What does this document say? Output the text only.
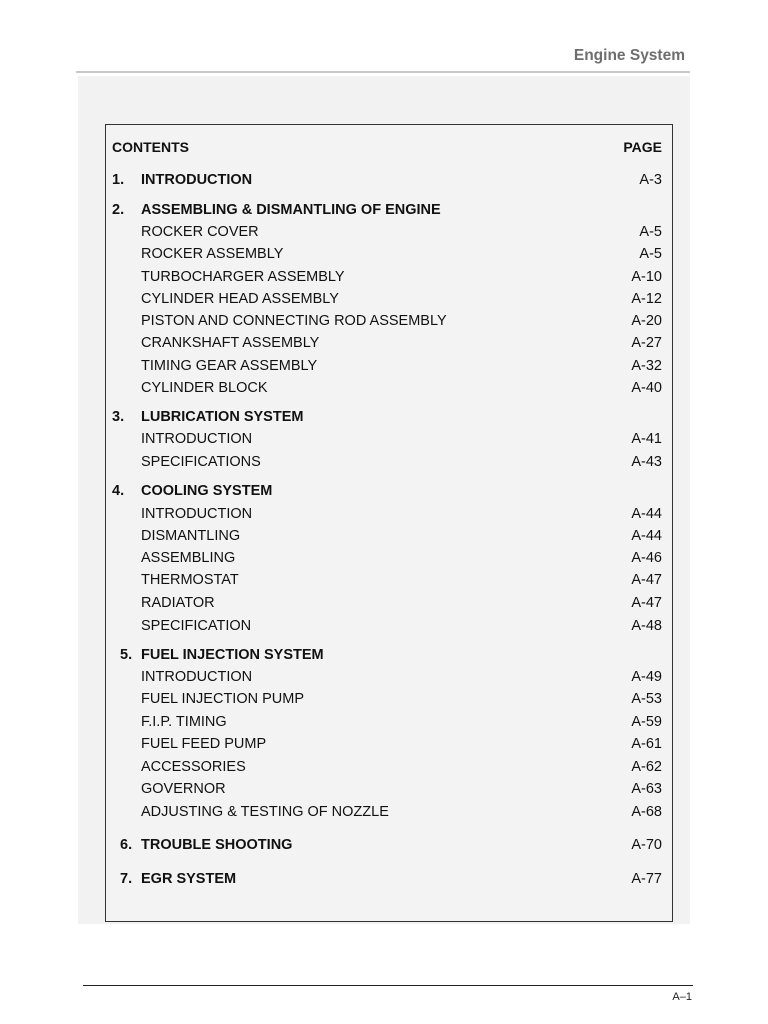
Engine System
CONTENTS	PAGE
1. INTRODUCTION	A-3
2. ASSEMBLING & DISMANTLING OF ENGINE
ROCKER COVER	A-5
ROCKER ASSEMBLY	A-5
TURBOCHARGER ASSEMBLY	A-10
CYLINDER HEAD ASSEMBLY	A-12
PISTON AND CONNECTING ROD ASSEMBLY	A-20
CRANKSHAFT ASSEMBLY	A-27
TIMING GEAR ASSEMBLY	A-32
CYLINDER BLOCK	A-40
3. LUBRICATION SYSTEM
INTRODUCTION	A-41
SPECIFICATIONS	A-43
4. COOLING SYSTEM
INTRODUCTION	A-44
DISMANTLING	A-44
ASSEMBLING	A-46
THERMOSTAT	A-47
RADIATOR	A-47
SPECIFICATION	A-48
5. FUEL INJECTION SYSTEM
INTRODUCTION	A-49
FUEL INJECTION PUMP	A-53
F.I.P. TIMING	A-59
FUEL FEED PUMP	A-61
ACCESSORIES	A-62
GOVERNOR	A-63
ADJUSTING & TESTING OF NOZZLE	A-68
6. TROUBLE SHOOTING	A-70
7. EGR SYSTEM	A-77
A–1
